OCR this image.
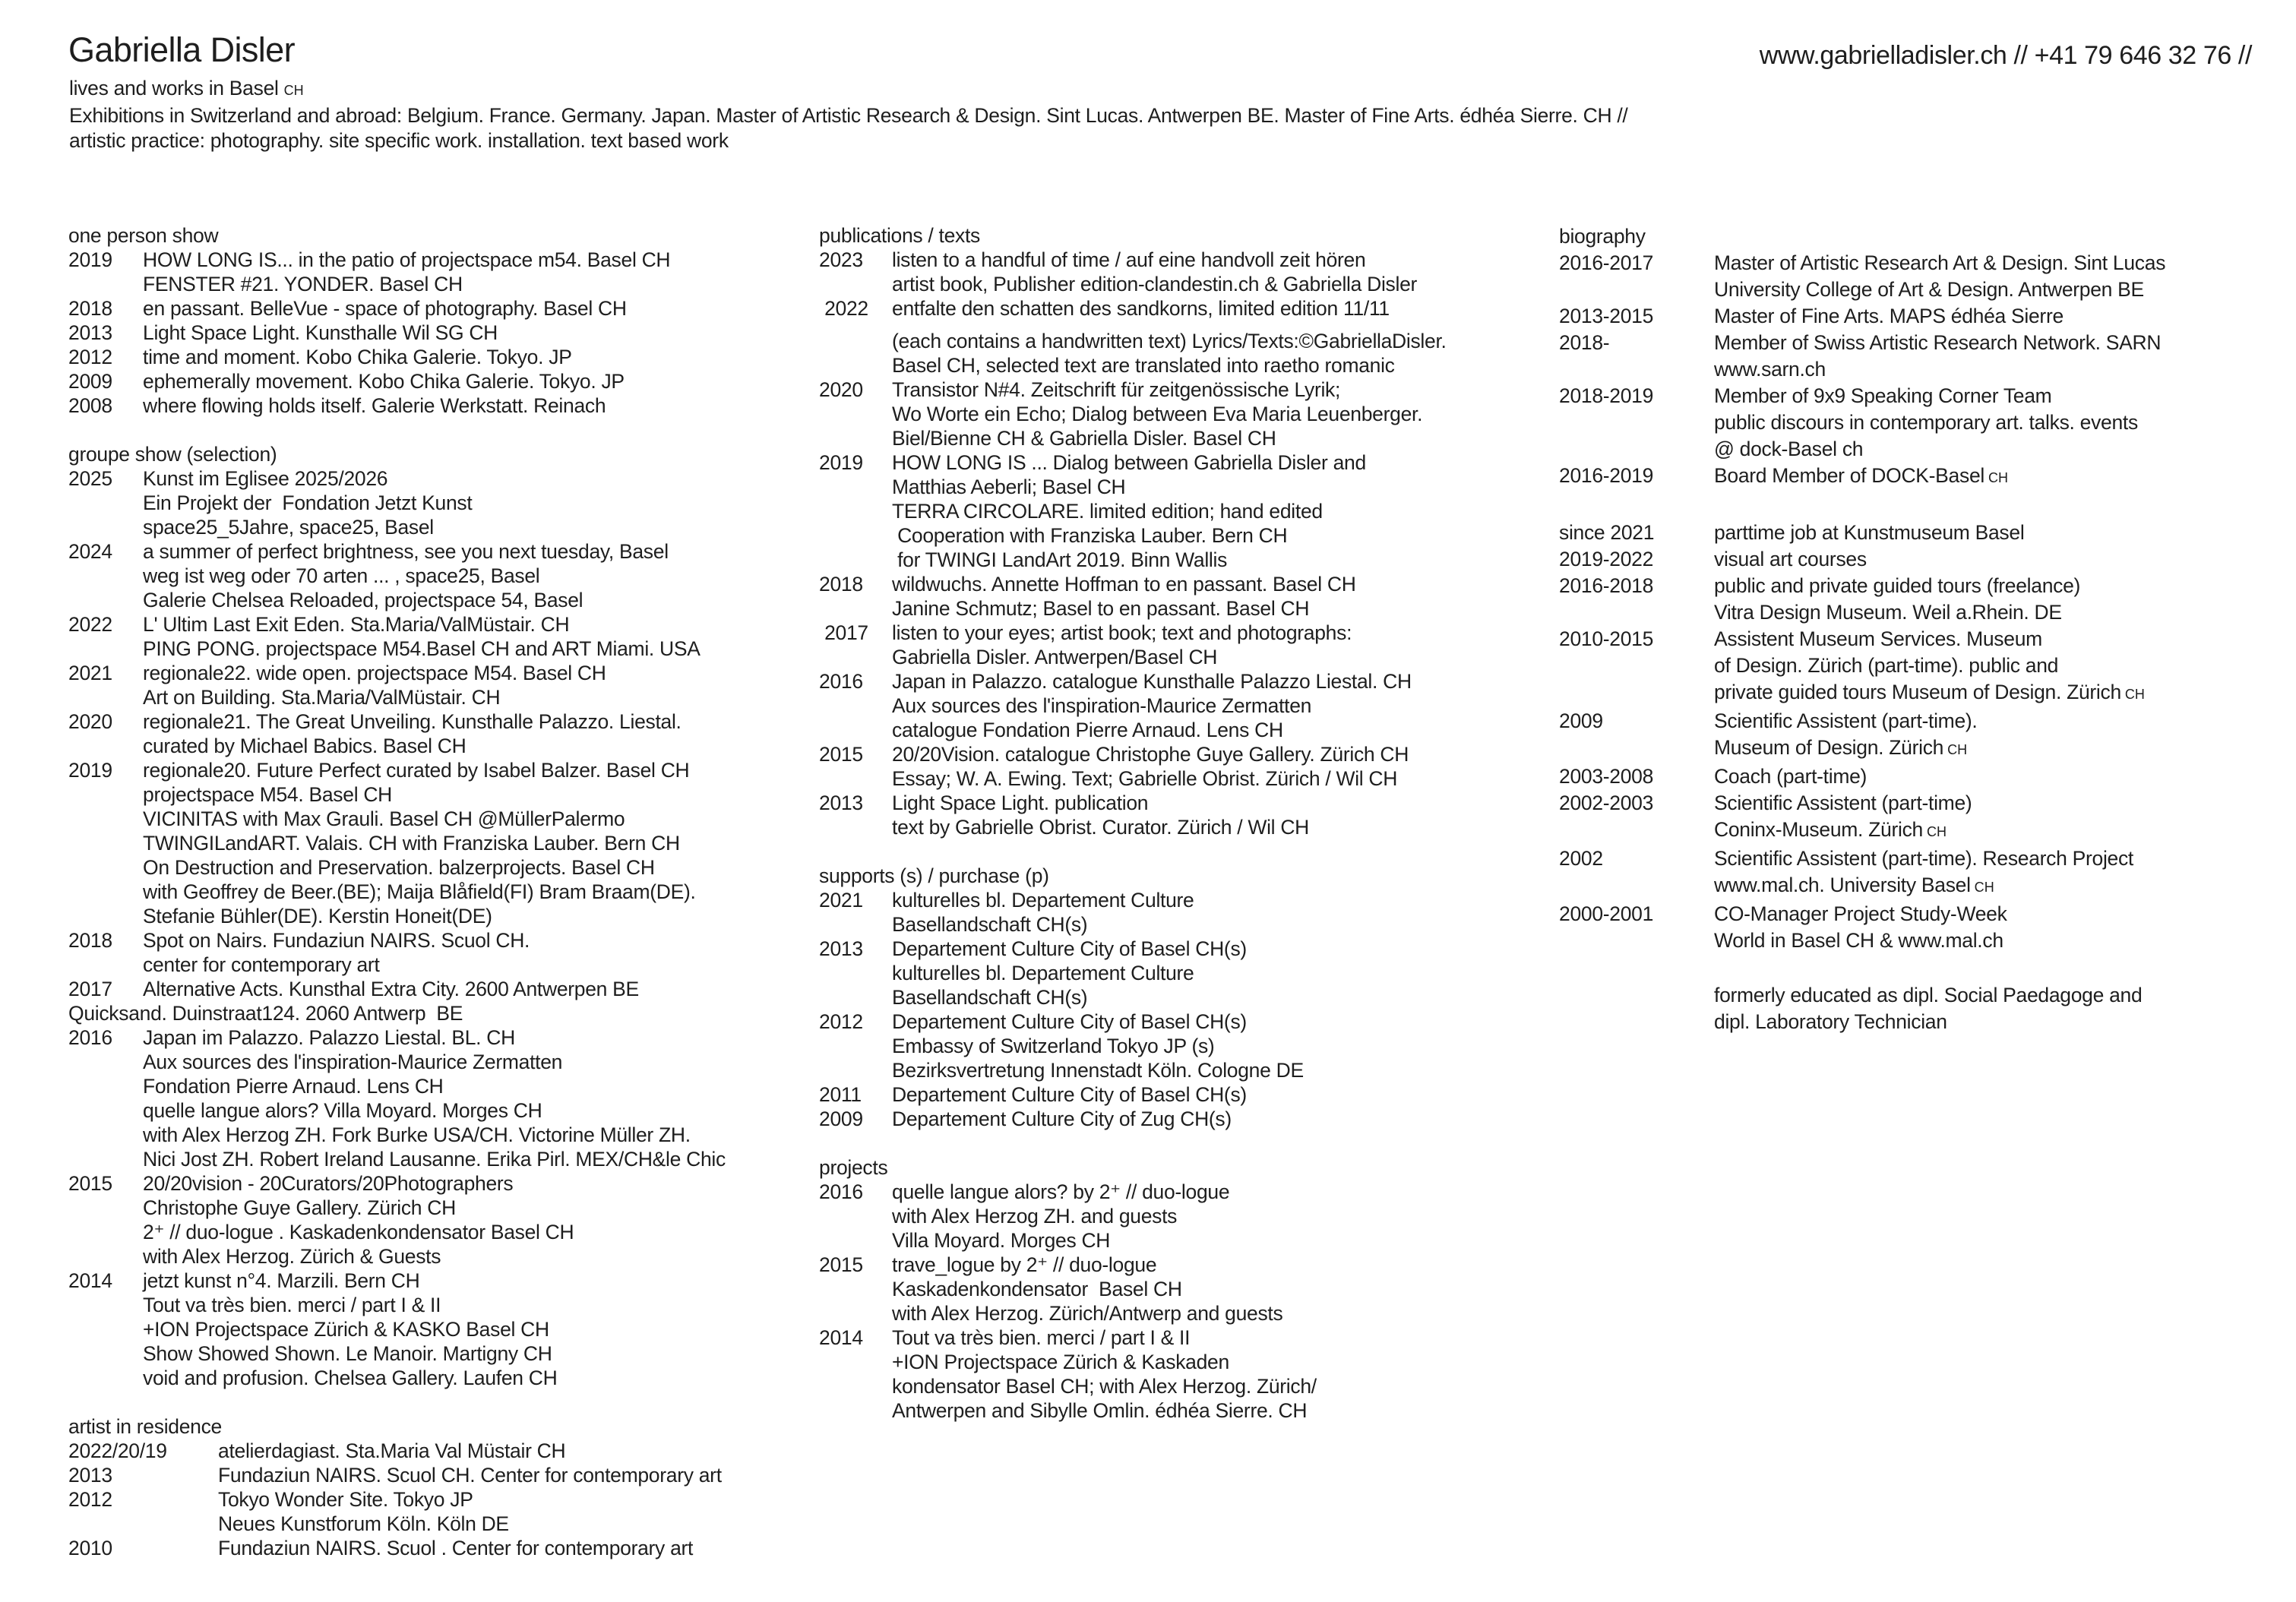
Gabriella Disler	www.gabrielladisler.ch // +41 79 646 32 76 //
lives and works in Basel CH
Exhibitions in Switzerland and abroad: Belgium. France. Germany. Japan. Master of Artistic Research & Design. Sint Lucas. Antwerpen BE. Master of Fine Arts. édhéa Sierre. CH //
artistic practice: photography. site specific work. installation. text based work
one person show
2019	HOW LONG IS... in the patio of projectspace m54. Basel CH
FENSTER #21. YONDER. Basel CH
2018	en passant. BelleVue - space of photography. Basel CH
2013	Light Space Light. Kunsthalle Wil SG CH
2012	time and moment. Kobo Chika Galerie. Tokyo. JP
2009	ephemerally movement. Kobo Chika Galerie. Tokyo. JP
2008	where flowing holds itself. Galerie Werkstatt. Reinach
groupe show (selection)
2025	Kunst im Eglisee 2025/2026
Ein Projekt der  Fondation Jetzt Kunst
space25_5Jahre, space25, Basel
2024	a summer of perfect brightness, see you next tuesday, Basel
weg ist weg oder 70 arten ... , space25, Basel
Galerie Chelsea Reloaded, projectspace 54, Basel
2022	L' Ultim Last Exit Eden. Sta.Maria/ValMüstair. CH
PING PONG. projectspace M54.Basel CH and ART Miami. USA
2021	regionale22. wide open. projectspace M54. Basel CH
Art on Building. Sta.Maria/ValMüstair. CH
2020	regionale21. The Great Unveiling. Kunsthalle Palazzo. Liestal.
curated by Michael Babics. Basel CH
2019	regionale20. Future Perfect curated by Isabel Balzer. Basel CH
projectspace M54. Basel CH
VICINITAS with Max Grauli. Basel CH @MüllerPalermo
TWINGILandART. Valais. CH with Franziska Lauber. Bern CH
On Destruction and Preservation. balzerprojects. Basel CH
with Geoffrey de Beer.(BE); Maija Blåfield(FI) Bram Braam(DE).
Stefanie Bühler(DE). Kerstin Honeit(DE)
2018	Spot on Nairs. Fundaziun NAIRS. Scuol CH.
center for contemporary art
2017	Alternative Acts. Kunsthal Extra City. 2600 Antwerpen BE
Quicksand. Duinstraat124. 2060 Antwerp  BE
2016	Japan im Palazzo. Palazzo Liestal. BL. CH
Aux sources des l'inspiration-Maurice Zermatten
Fondation Pierre Arnaud. Lens CH
quelle langue alors? Villa Moyard. Morges CH
with Alex Herzog ZH. Fork Burke USA/CH. Victorine Müller ZH.
Nici Jost ZH. Robert Ireland Lausanne. Erika Pirl. MEX/CH&le Chic
2015	20/20vision - 20Curators/20Photographers
Christophe Guye Gallery. Zürich CH
2⁺ // duo-logue . Kaskadenkondensator Basel CH
with Alex Herzog. Zürich & Guests
2014	jetzt kunst n°4. Marzili. Bern CH
Tout va très bien. merci / part I & II
+ION Projectspace Zürich & KASKO Basel CH
Show Showed Shown. Le Manoir. Martigny CH
void and profusion. Chelsea Gallery. Laufen CH
artist in residence
2022/20/19	atelierdagiast. Sta.Maria Val Müstair CH
2013	Fundaziun NAIRS. Scuol CH. Center for contemporary art
2012	Tokyo Wonder Site. Tokyo JP
Neues Kunstforum Köln. Köln DE
2010	Fundaziun NAIRS. Scuol . Center for contemporary art
publications / texts
2023	listen to a handful of time / auf eine handvoll zeit hören
artist book, Publisher edition-clandestin.ch & Gabriella Disler
2022	entfalte den schatten des sandkorns, limited edition 11/11
(each contains a handwritten text) Lyrics/Texts:©GabriellaDisler.
Basel CH, selected text are translated into raetho romanic
2020	Transistor N#4. Zeitschrift für zeitgenössische Lyrik;
Wo Worte ein Echo; Dialog between Eva Maria Leuenberger.
Biel/Bienne CH & Gabriella Disler. Basel CH
2019	HOW LONG IS ... Dialog between Gabriella Disler and
Matthias Aeberli; Basel CH
TERRA CIRCOLARE. limited edition; hand edited
Cooperation with Franziska Lauber. Bern CH
for TWINGI LandArt 2019. Binn Wallis
2018	wildwuchs. Annette Hoffman to en passant. Basel CH
Janine Schmutz; Basel to en passant. Basel CH
2017	listen to your eyes; artist book; text and photographs:
Gabriella Disler. Antwerpen/Basel CH
2016	Japan in Palazzo. catalogue Kunsthalle Palazzo Liestal. CH
Aux sources des l'inspiration-Maurice Zermatten
catalogue Fondation Pierre Arnaud. Lens CH
2015	20/20Vision. catalogue Christophe Guye Gallery. Zürich CH
Essay; W. A. Ewing. Text; Gabrielle Obrist. Zürich / Wil CH
2013	Light Space Light. publication
text by Gabrielle Obrist. Curator. Zürich / Wil CH
supports (s) / purchase (p)
2021	kulturelles bl. Departement Culture
Basellandschaft CH(s)
2013	Departement Culture City of Basel CH(s)
kulturelles bl. Departement Culture
Basellandschaft CH(s)
2012	Departement Culture City of Basel CH(s)
Embassy of Switzerland Tokyo JP (s)
Bezirksvertretung Innenstadt Köln. Cologne DE
2011	Departement Culture City of Basel CH(s)
2009	Departement Culture City of Zug CH(s)
projects
2016	quelle langue alors? by 2⁺ // duo-logue
with Alex Herzog ZH. and guests
Villa Moyard. Morges CH
2015	trave_logue by 2⁺ // duo-logue
Kaskadenkondensator  Basel CH
with Alex Herzog. Zürich/Antwerp and guests
2014	Tout va très bien. merci / part I & II
+ION Projectspace Zürich & Kaskaden
kondensator Basel CH; with Alex Herzog. Zürich/
Antwerpen and Sibylle Omlin. édhéa Sierre. CH
biography
2016-2017	Master of Artistic Research Art & Design. Sint Lucas
University College of Art & Design. Antwerpen BE
2013-2015	Master of Fine Arts. MAPS édhéa Sierre
2018-	Member of Swiss Artistic Research Network. SARN
www.sarn.ch
2018-2019	Member of 9x9 Speaking Corner Team
public discours in contemporary art. talks. events
@ dock-Basel ch
2016-2019	Board Member of DOCK-Basel CH
since 2021	parttime job at Kunstmuseum Basel
2019-2022	visual art courses
2016-2018	public and private guided tours (freelance)
Vitra Design Museum. Weil a.Rhein. DE
2010-2015	Assistent Museum Services. Museum
of Design. Zürich (part-time). public and
private guided tours Museum of Design. Zürich CH
2009	Scientific Assistent (part-time).
Museum of Design. Zürich CH
2003-2008	Coach (part-time)
2002-2003	Scientific Assistent (part-time)
Coninx-Museum. Zürich CH
2002	Scientific Assistent (part-time). Research Project
www.mal.ch. University Basel CH
2000-2001	CO-Manager Project Study-Week
World in Basel CH & www.mal.ch
formerly educated as dipl. Social Paedagoge and
dipl. Laboratory Technician
